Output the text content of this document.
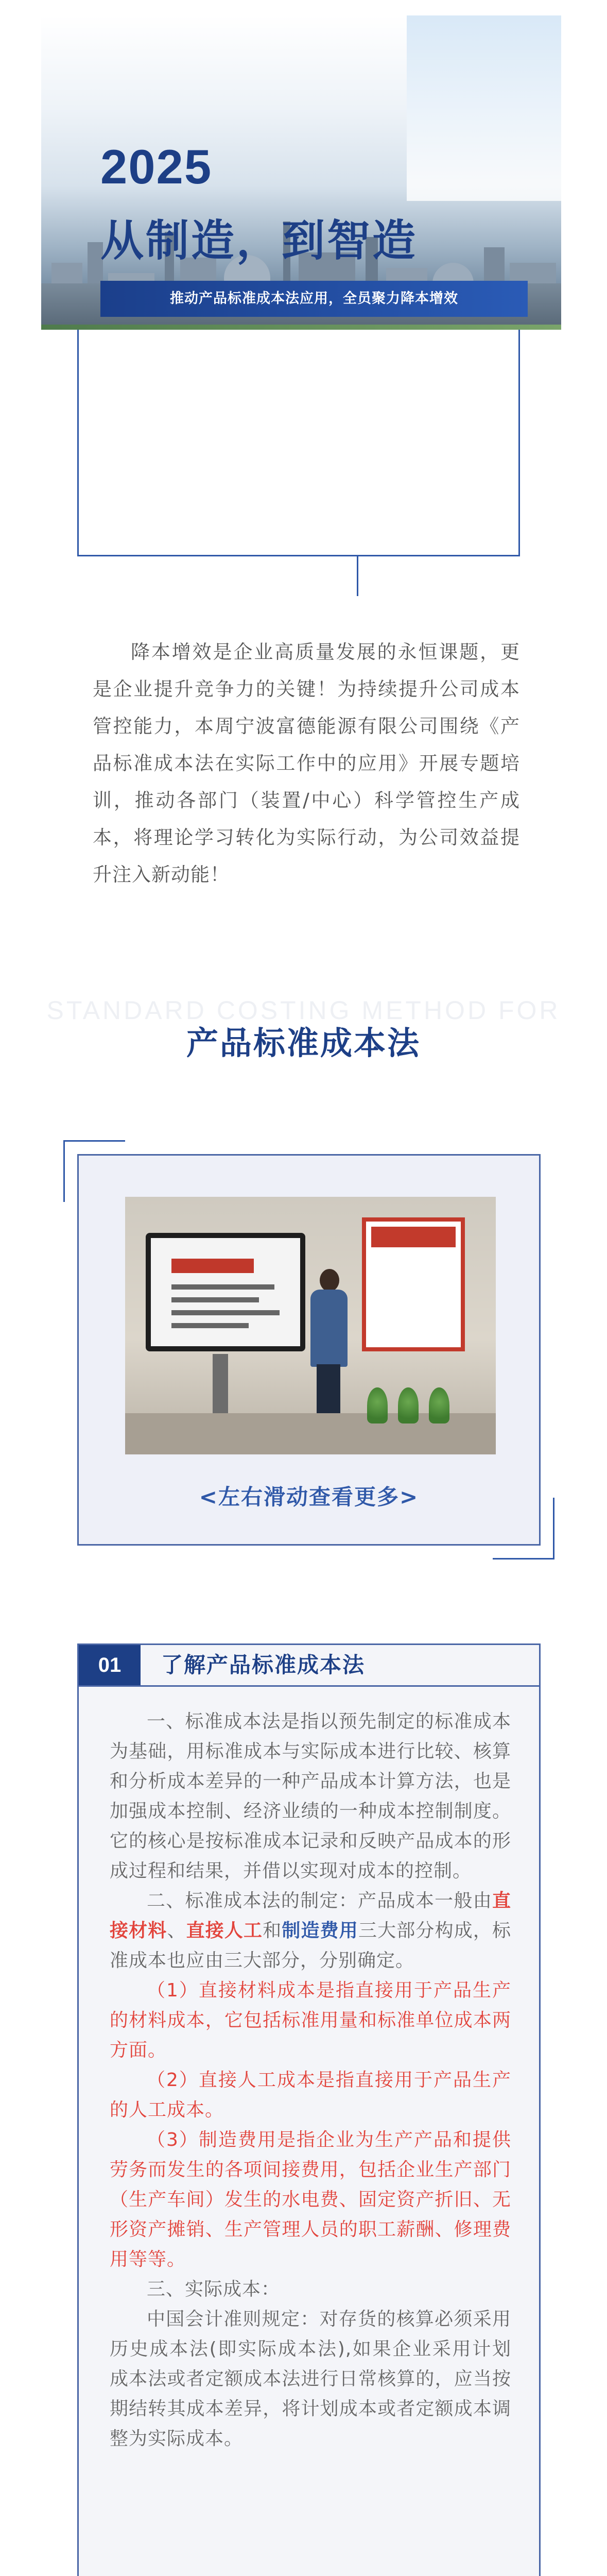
2025
从制造，到智造
推动产品标准成本法应用，全员聚力降本增效
降本增效是企业高质量发展的永恒课题，更是企业提升竞争力的关键！为持续提升公司成本管控能力，本周宁波富德能源有限公司围绕《产品标准成本法在实际工作中的应用》开展专题培训，推动各部门（装置/中心）科学管控生产成本，将理论学习转化为实际行动，为公司效益提升注入新动能！
STANDARD COSTING METHOD FOR
产品标准成本法
<左右滑动查看更多>
01	了解产品标准成本法

一、标准成本法是指以预先制定的标准成本为基础，用标准成本与实际成本进行比较、核算和分析成本差异的一种产品成本计算方法，也是加强成本控制、经济业绩的一种成本控制制度。它的核心是按标准成本记录和反映产品成本的形成过程和结果，并借以实现对成本的控制。

二、标准成本法的制定：产品成本一般由直接材料、直接人工和制造费用三大部分构成，标准成本也应由三大部分，分别确定。

（1）直接材料成本是指直接用于产品生产的材料成本，它包括标准用量和标准单位成本两方面。

（2）直接人工成本是指直接用于产品生产的人工成本。

（3）制造费用是指企业为生产产品和提供劳务而发生的各项间接费用，包括企业生产部门（生产车间）发生的水电费、固定资产折旧、无形资产摊销、生产管理人员的职工薪酬、修理费用等等。

三、实际成本：

中国会计准则规定：对存货的核算必须采用历史成本法(即实际成本法),如果企业采用计划成本法或者定额成本法进行日常核算的，应当按期结转其成本差异，将计划成本或者定额成本调整为实际成本。
